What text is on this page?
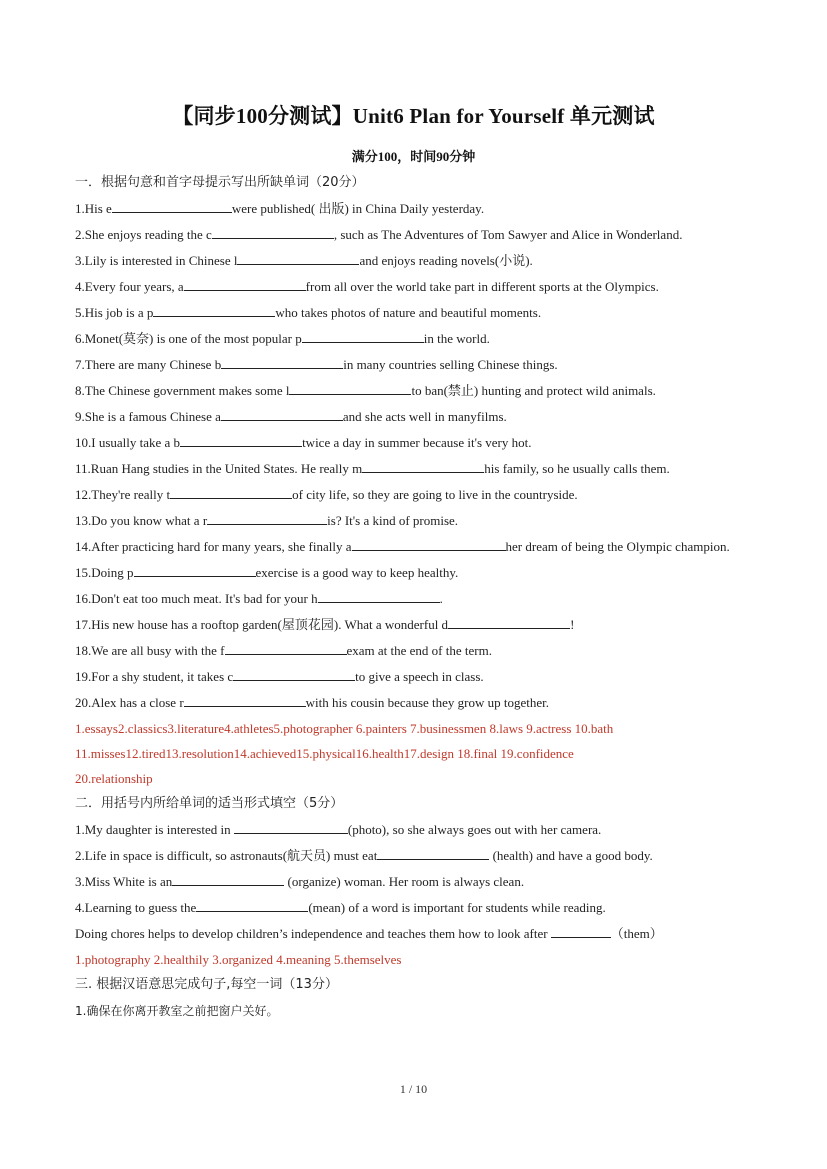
【同步100分测试】Unit6 Plan for Yourself 单元测试
满分100，时间90分钟
一．根据句意和首字母提示写出所缺单词（20分）
1.His e	were published( 出版) in China Daily yesterday.
2.She enjoys reading the c	, such as The Adventures of Tom Sawyer and Alice in Wonderland.
3.Lily is interested in Chinese l	and enjoys reading novels(小说).
4.Every four years, a	from all over the world take part in different sports at the Olympics.
5.His job is a p	who takes photos of nature and beautiful moments.
6.Monet(莫奈) is one of the most popular p	in the world.
7.There are many Chinese b	in many countries selling Chinese things.
8.The Chinese government makes some l	to ban(禁止) hunting and protect wild animals.
9.She is a famous Chinese a	and she acts well in manyfilms.
10.I usually take a b	twice a day in summer because it's very hot.
11.Ruan Hang studies in the United States. He really m	his family, so he usually calls them.
12.They're really t	of city life, so they are going to live in the countryside.
13.Do you know what a r	is? It's a kind of promise.
14.After practicing hard for many years, she finally a	her dream of being the Olympic champion.
15.Doing p	exercise is a good way to keep healthy.
16.Don't eat too much meat. It's bad for your h	.
17.His new house has a rooftop garden(屋顶花园). What a wonderful d	!
18.We are all busy with the f	exam at the end of the term.
19.For a shy student, it takes c	to give a speech in class.
20.Alex has a close r	with his cousin because they grow up together.
1.essays2.classics3.literature4.athletes5.photographer 6.painters 7.businessmen 8.laws 9.actress 10.bath
11.misses12.tired13.resolution14.achieved15.physical16.health17.design 18.final 19.confidence
20.relationship
二．用括号内所给单词的适当形式填空（5分）
1.My daughter is interested in	(photo), so she always goes out with her camera.
2.Life in space is difficult, so astronauts(航天员) must eat	(health) and have a good body.
3.Miss White is an	(organize) woman. Her room is always clean.
4.Learning to guess the	(mean) of a word is important for students while reading.
Doing chores helps to develop children’s independence and teaches them how to look after	（them）
1.photography 2.healthily 3.organized 4.meaning 5.themselves
三. 根据汉语意思完成句子,每空一词（13分）
1.确保在你离开教室之前把窗户关好。
1 / 10
